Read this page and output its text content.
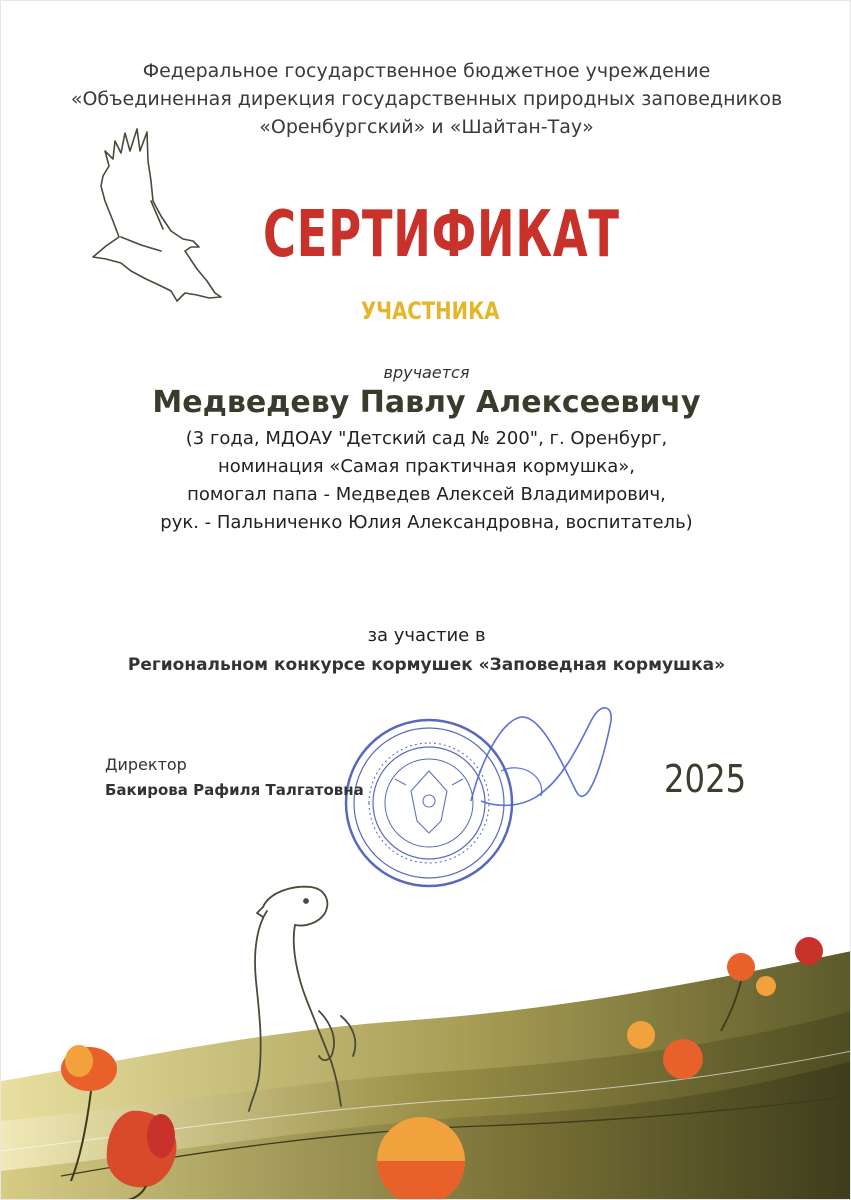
Федеральное государственное бюджетное учреждение
«Объединенная дирекция государственных природных заповедников
«Оренбургский» и «Шайтан-Тау»
СЕРТИФИКАТ
УЧАСТНИКА
вручается
Медведеву Павлу Алексеевичу
(3 года, МДОАУ "Детский сад № 200", г. Оренбург,
номинация «Самая практичная кормушка»,
помогал папа - Медведев Алексей Владимирович,
рук. - Пальниченко Юлия Александровна, воспитатель)
за участие в
Региональном конкурсе кормушек «Заповедная кормушка»
Директор
Бакирова Рафиля Талгатовна	2025
